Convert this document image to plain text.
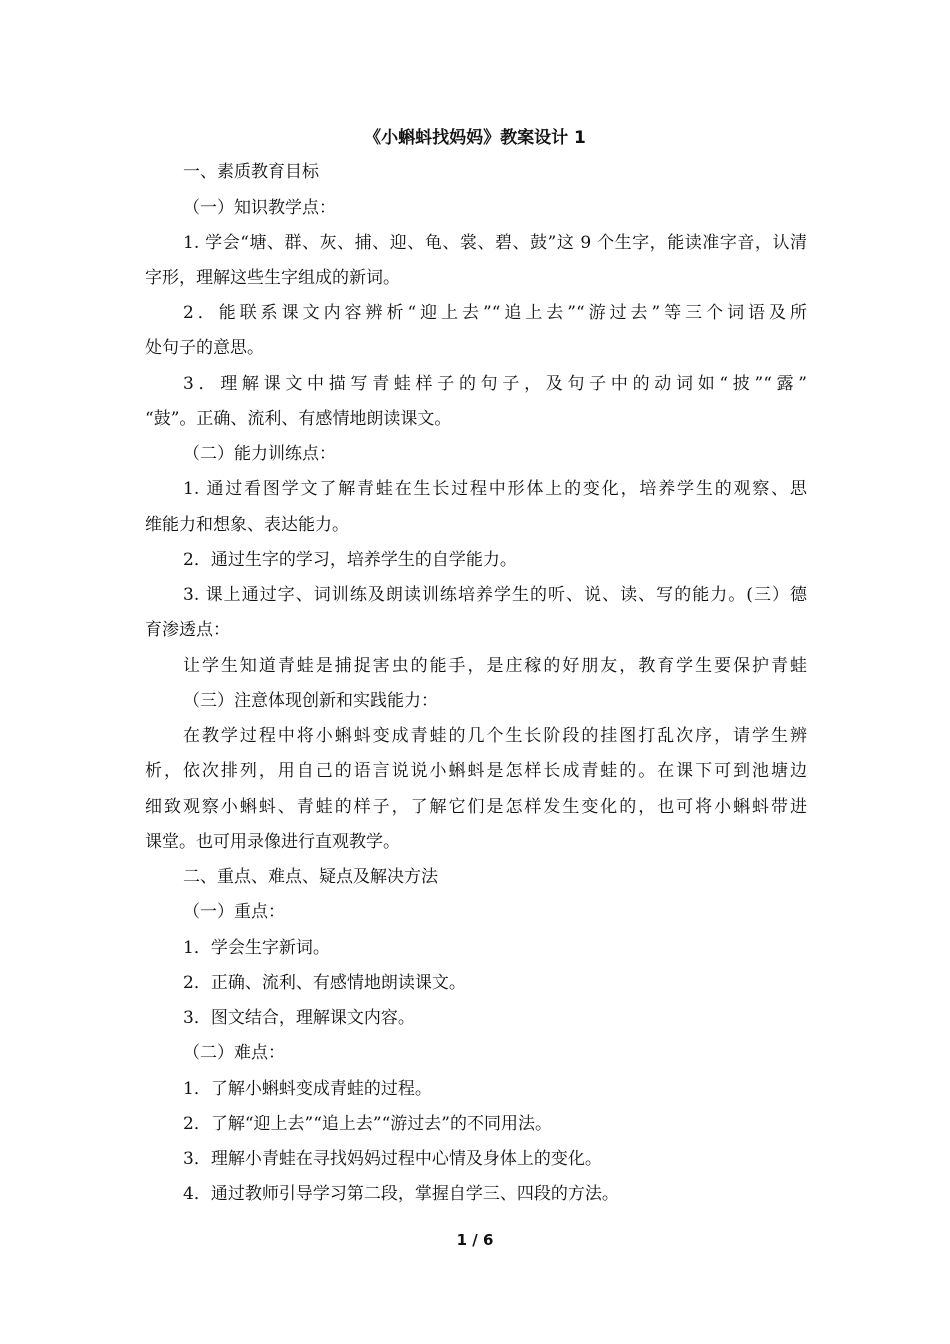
《小蝌蚪找妈妈》教案设计 1
一、素质教育目标
（一）知识教学点：
1. 学会“塘、群、灰、捕、迎、龟、裳、碧、鼓”这 9 个生字，能读准字音，认清
字形，理解这些生字组成的新词。
2．能联系课文内容辨析“迎上去”“追上去”“游过去”等三个词语及所
处句子的意思。
3．理解课文中描写青蛙样子的句子，及句子中的动词如“披”“露”
“鼓”。正确、流利、有感情地朗读课文。
（二）能力训练点：
1. 通过看图学文了解青蛙在生长过程中形体上的变化，培养学生的观察、思
维能力和想象、表达能力。
2．通过生字的学习，培养学生的自学能力。
3. 课上通过字、词训练及朗读训练培养学生的听、说、读、写的能力。(三）德
育渗透点：
让学生知道青蛙是捕捉害虫的能手，是庄稼的好朋友，教育学生要保护青蛙
（三）注意体现创新和实践能力：
在教学过程中将小蝌蚪变成青蛙的几个生长阶段的挂图打乱次序，请学生辨
析，依次排列，用自己的语言说说小蝌蚪是怎样长成青蛙的。在课下可到池塘边
细致观察小蝌蚪、青蛙的样子，了解它们是怎样发生变化的，也可将小蝌蚪带进
课堂。也可用录像进行直观教学。
二、重点、难点、疑点及解决方法
（一）重点：
1．学会生字新词。
2．正确、流利、有感情地朗读课文。
3．图文结合，理解课文内容。
（二）难点：
1．了解小蝌蚪变成青蛙的过程。
2．了解“迎上去”“追上去”“游过去”的不同用法。
3．理解小青蛙在寻找妈妈过程中心情及身体上的变化。
4．通过教师引导学习第二段，掌握自学三、四段的方法。
1 / 6
